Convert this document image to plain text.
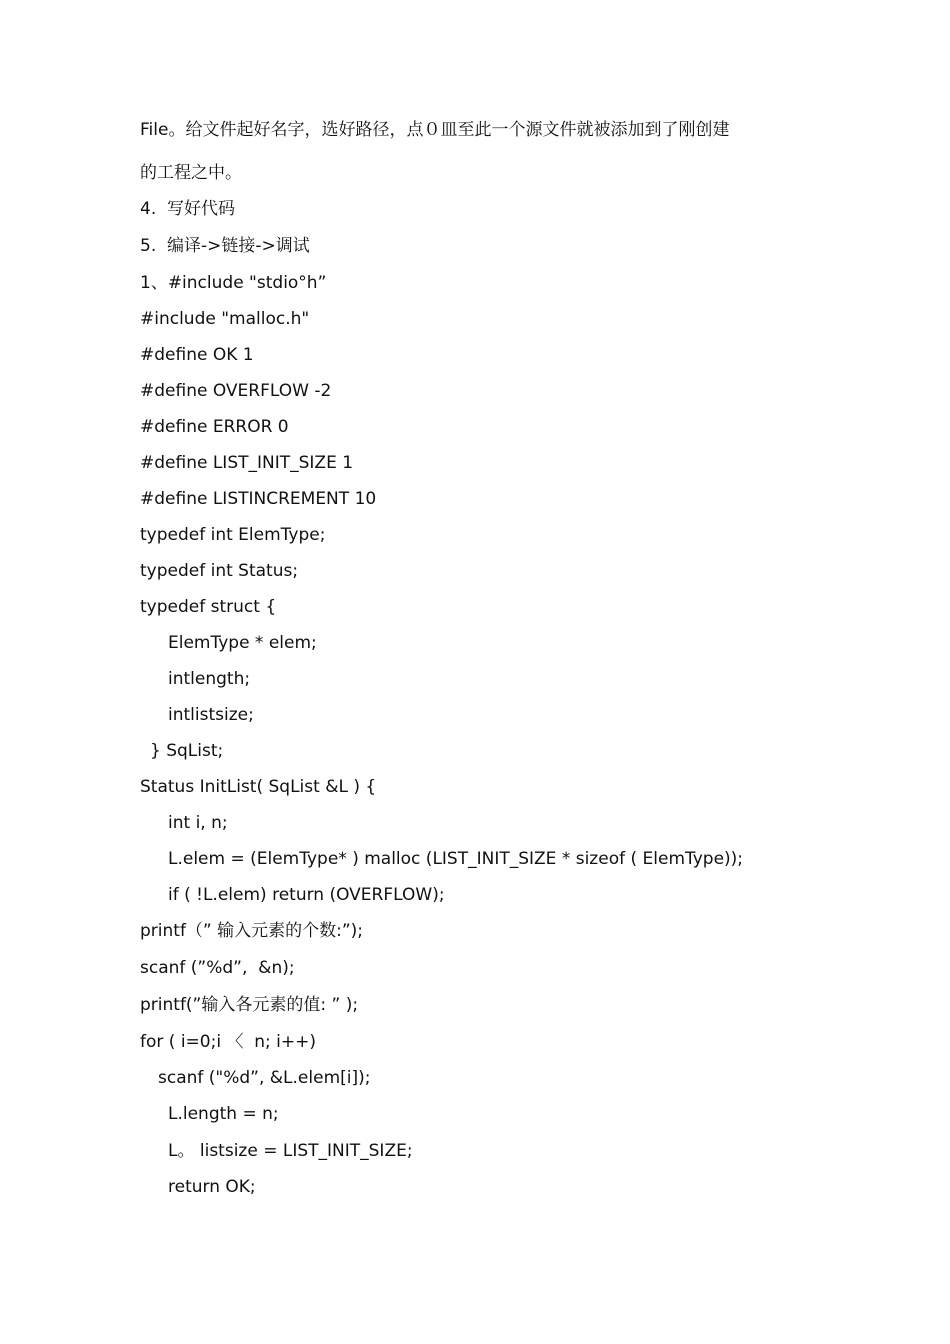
File。给文件起好名字，选好路径，点０皿至此一个源文件就被添加到了刚创建
的工程之中。
4.  写好代码
5.  编译->链接->调试
1、#include "stdio°h”
#include "malloc.h"
#define OK 1
#define OVERFLOW -2
#define ERROR 0
#define LIST_INIT_SIZE 1
#define LISTINCREMENT 10
typedef int ElemType;
typedef int Status;
typedef struct {
ElemType * elem;
intlength;
intlistsize;
} SqList;
Status InitList( SqList &L ) {
int i, n;
L.elem = (ElemType* ) malloc (LIST_INIT_SIZE * sizeof ( ElemType));
if ( !L.elem) return (OVERFLOW);
printf（” 输入元素的个数:”);
scanf (”%d”,  &n);
printf(”输入各元素的值: ” );
for ( i=0;i 〈  n; i++)
scanf ("%d”, &L.elem[i]);
L.length = n;
L。 listsize = LIST_INIT_SIZE;
return OK;
